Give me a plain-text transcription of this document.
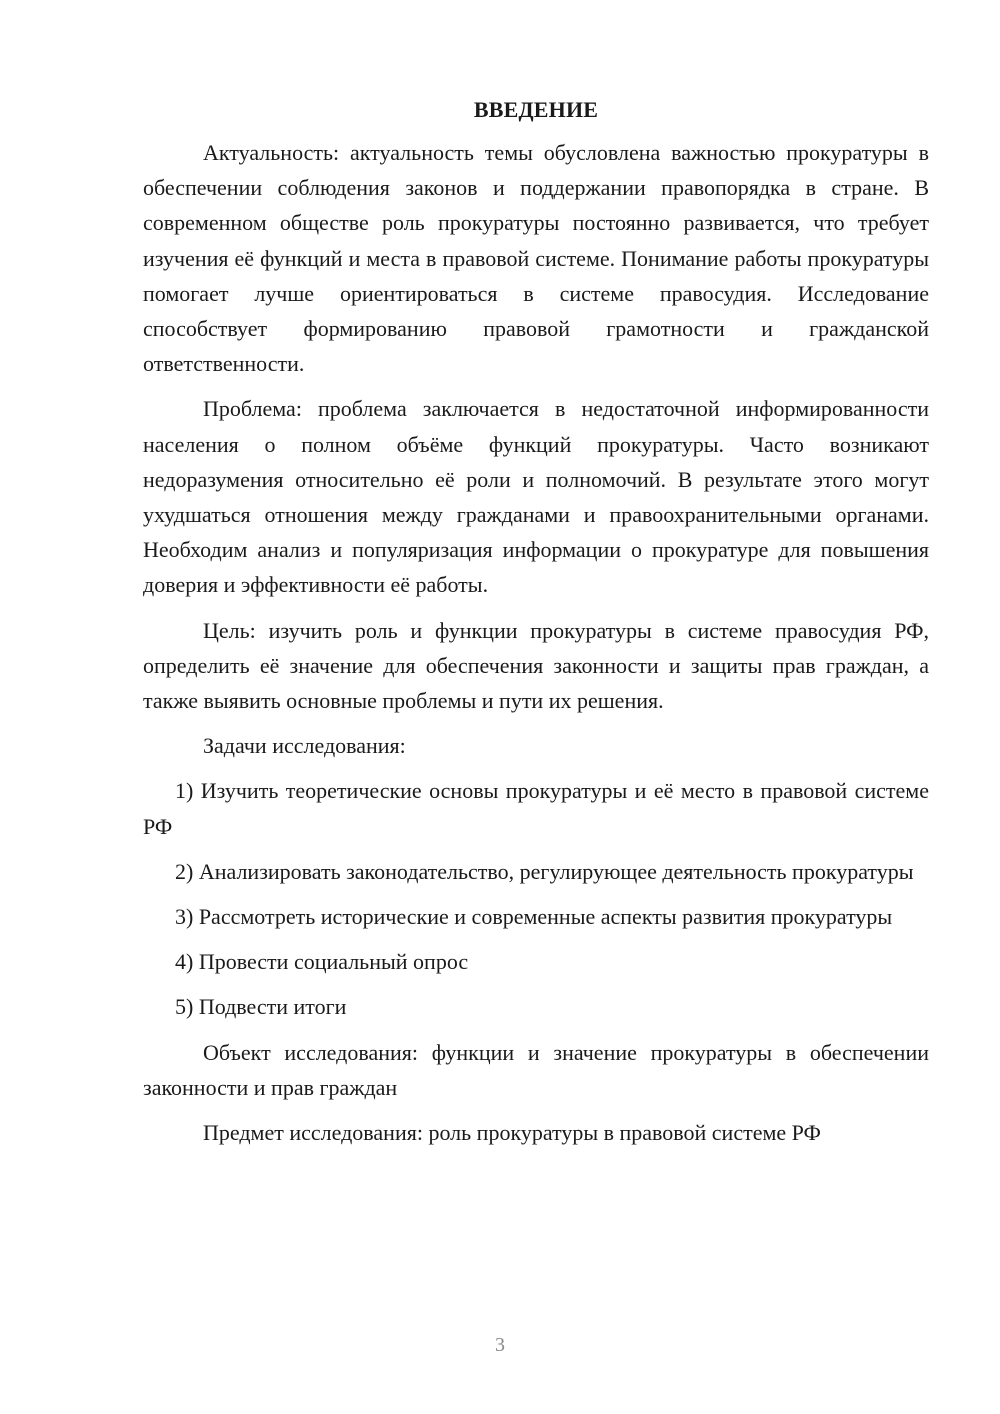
ВВЕДЕНИЕ

Актуальность: актуальность темы обусловлена важностью прокуратуры в обеспечении соблюдения законов и поддержании правопорядка в стране. В современном обществе роль прокуратуры постоянно развивается, что требует изучения её функций и места в правовой системе. Понимание работы прокуратуры помогает лучше ориентироваться в системе правосудия. Исследование способствует формированию правовой грамотности и гражданской ответственности.

Проблема: проблема заключается в недостаточной информированности населения о полном объёме функций прокуратуры. Часто возникают недоразумения относительно её роли и полномочий. В результате этого могут ухудшаться отношения между гражданами и правоохранительными органами. Необходим анализ и популяризация информации о прокуратуре для повышения доверия и эффективности её работы.

Цель: изучить роль и функции прокуратуры в системе правосудия РФ, определить её значение для обеспечения законности и защиты прав граждан, а также выявить основные проблемы и пути их решения.

Задачи исследования:

1) Изучить теоретические основы прокуратуры и её место в правовой системе РФ

2) Анализировать законодательство, регулирующее деятельность прокуратуры

3) Рассмотреть исторические и современные аспекты развития прокуратуры

4) Провести социальный опрос

5) Подвести итоги

Объект исследования: функции и значение прокуратуры в обеспечении законности и прав граждан

Предмет исследования: роль прокуратуры в правовой системе РФ

3
